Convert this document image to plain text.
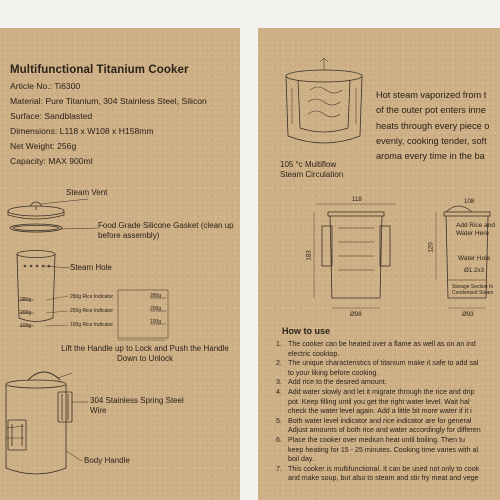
Multifunctional Titanium Cooker
Article No.: Ti6300
Material: Pure Titanium, 304 Stainless Steel, Silicon
Surface: Sandblasted
Dimensions: L118 x W108 x H158mm
Net Weight: 256g
Capacity: MAX 900ml
Steam Vent
Food Grade Silicone Gasket (clean up before assembly)
Steam Hole
280g
200g
100g
280g Rice Indicator
200g Rice Indicator
100g Rice Indicator
280g
200g
100g
Lift the Handle up to Lock and Push the Handle Down to Unlock
304 Stainless Spring Steel Wire
Body Handle
Hot steam vaporized from t
of the outer pot enters inne
heats through every piece o
evenly, cooking tender, soft
aroma every time in the ba
105 °c Multiflow Steam Circulation
118
183
Ø98
108
120
Ø93
Add Rice and Water Here
Water Hole
Ø1.2x3
Storage Section fo Condensed Steam
How to use
1. The cooker can be heated over a flame as well as on an ind
electric cooktop.
2. The unique characteristics of titanium make it safe to add sal
to your liking before cooking.
3. Add rice to the desired amount.
4. Add water slowly and let it migrate through the rice and drip
pot. Keep filling until you get the right water level. Wait hal
check the water level again. Add a little bit more water if it i
5. Both water level indicator and rice indicator are for general
Adjust amounts of both rice and water accordingly for differen
6. Place the cooker over medium heat until boiling. Then tu
keep heating for 15 - 25 minutes. Cooking time varies with al
boil day.
7. This cooker is multifunctional. It can be used not only to cook
and make soup, but also to steam and stir fry meat and vege
